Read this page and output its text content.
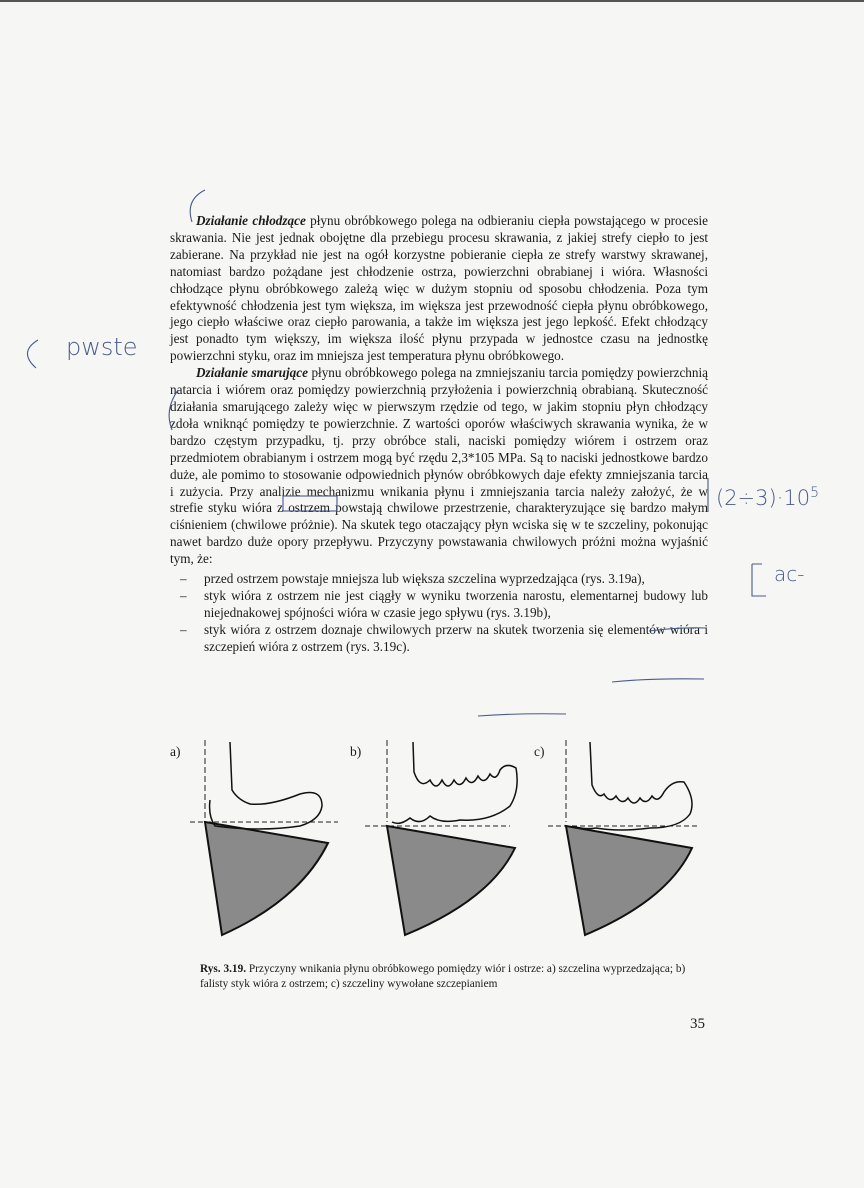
Działanie chłodzące płynu obróbkowego polega na odbieraniu ciepła powstającego w procesie skrawania. Nie jest jednak obojętne dla przebiegu procesu skrawania, z jakiej strefy ciepło to jest zabierane. Na przykład nie jest na ogół korzystne pobieranie ciepła ze strefy warstwy skrawanej, natomiast bardzo pożądane jest chłodzenie ostrza, powierzchni obrabianej i wióra. Własności chłodzące płynu obróbkowego zależą więc w dużym stopniu od sposobu chłodzenia. Poza tym efektywność chłodzenia jest tym większa, im większa jest przewodność ciepła płynu obróbkowego, jego ciepło właściwe oraz ciepło parowania, a także im większa jest jego lepkość. Efekt chłodzący jest ponadto tym większy, im większa ilość płynu przypada w jednostce czasu na jednostkę powierzchni styku, oraz im mniejsza jest temperatura płynu obróbkowego.

Działanie smarujące płynu obróbkowego polega na zmniejszaniu tarcia pomiędzy powierzchnią natarcia i wiórem oraz pomiędzy powierzchnią przyłożenia i powierzchnią obrabianą. Skuteczność działania smarującego zależy więc w pierwszym rzędzie od tego, w jakim stopniu płyn chłodzący zdoła wniknąć pomiędzy te powierzchnie. Z wartości oporów właściwych skrawania wynika, że w bardzo częstym przypadku, tj. przy obróbce stali, naciski pomiędzy wiórem i ostrzem oraz przedmiotem obrabianym i ostrzem mogą być rzędu 2,3*105 MPa. Są to naciski jednostkowe bardzo duże, ale pomimo to stosowanie odpowiednich płynów obróbkowych daje efekty zmniejszania tarcia i zużycia. Przy analizie mechanizmu wnikania płynu i zmniejszania tarcia należy założyć, że w strefie styku wióra z ostrzem powstają chwilowe przestrzenie, charakteryzujące się bardzo małym ciśnieniem (chwilowe próżnie). Na skutek tego otaczający płyn wciska się w te szczeliny, pokonując nawet bardzo duże opory przepływu. Przyczyny powstawania chwilowych próżni można wyjaśnić tym, że:

– przed ostrzem powstaje mniejsza lub większa szczelina wyprzedzająca (rys. 3.19a),
– styk wióra z ostrzem nie jest ciągły w wyniku tworzenia narostu, elementarnej budowy lub niejednakowej spójności wióra w czasie jego spływu (rys. 3.19b),
– styk wióra z ostrzem doznaje chwilowych przerw na skutek tworzenia się elementów wióra i szczepień wióra z ostrzem (rys. 3.19c).
a)	b)	c)
pwste
$(2\div 3)\cdot 10^5$
ac-
Rys. 3.19. Przyczyny wnikania płynu obróbkowego pomiędzy wiór i ostrze: a) szczelina wyprzedzająca; b) falisty styk wióra z ostrzem; c) szczeliny wywołane szczepianiem
35
